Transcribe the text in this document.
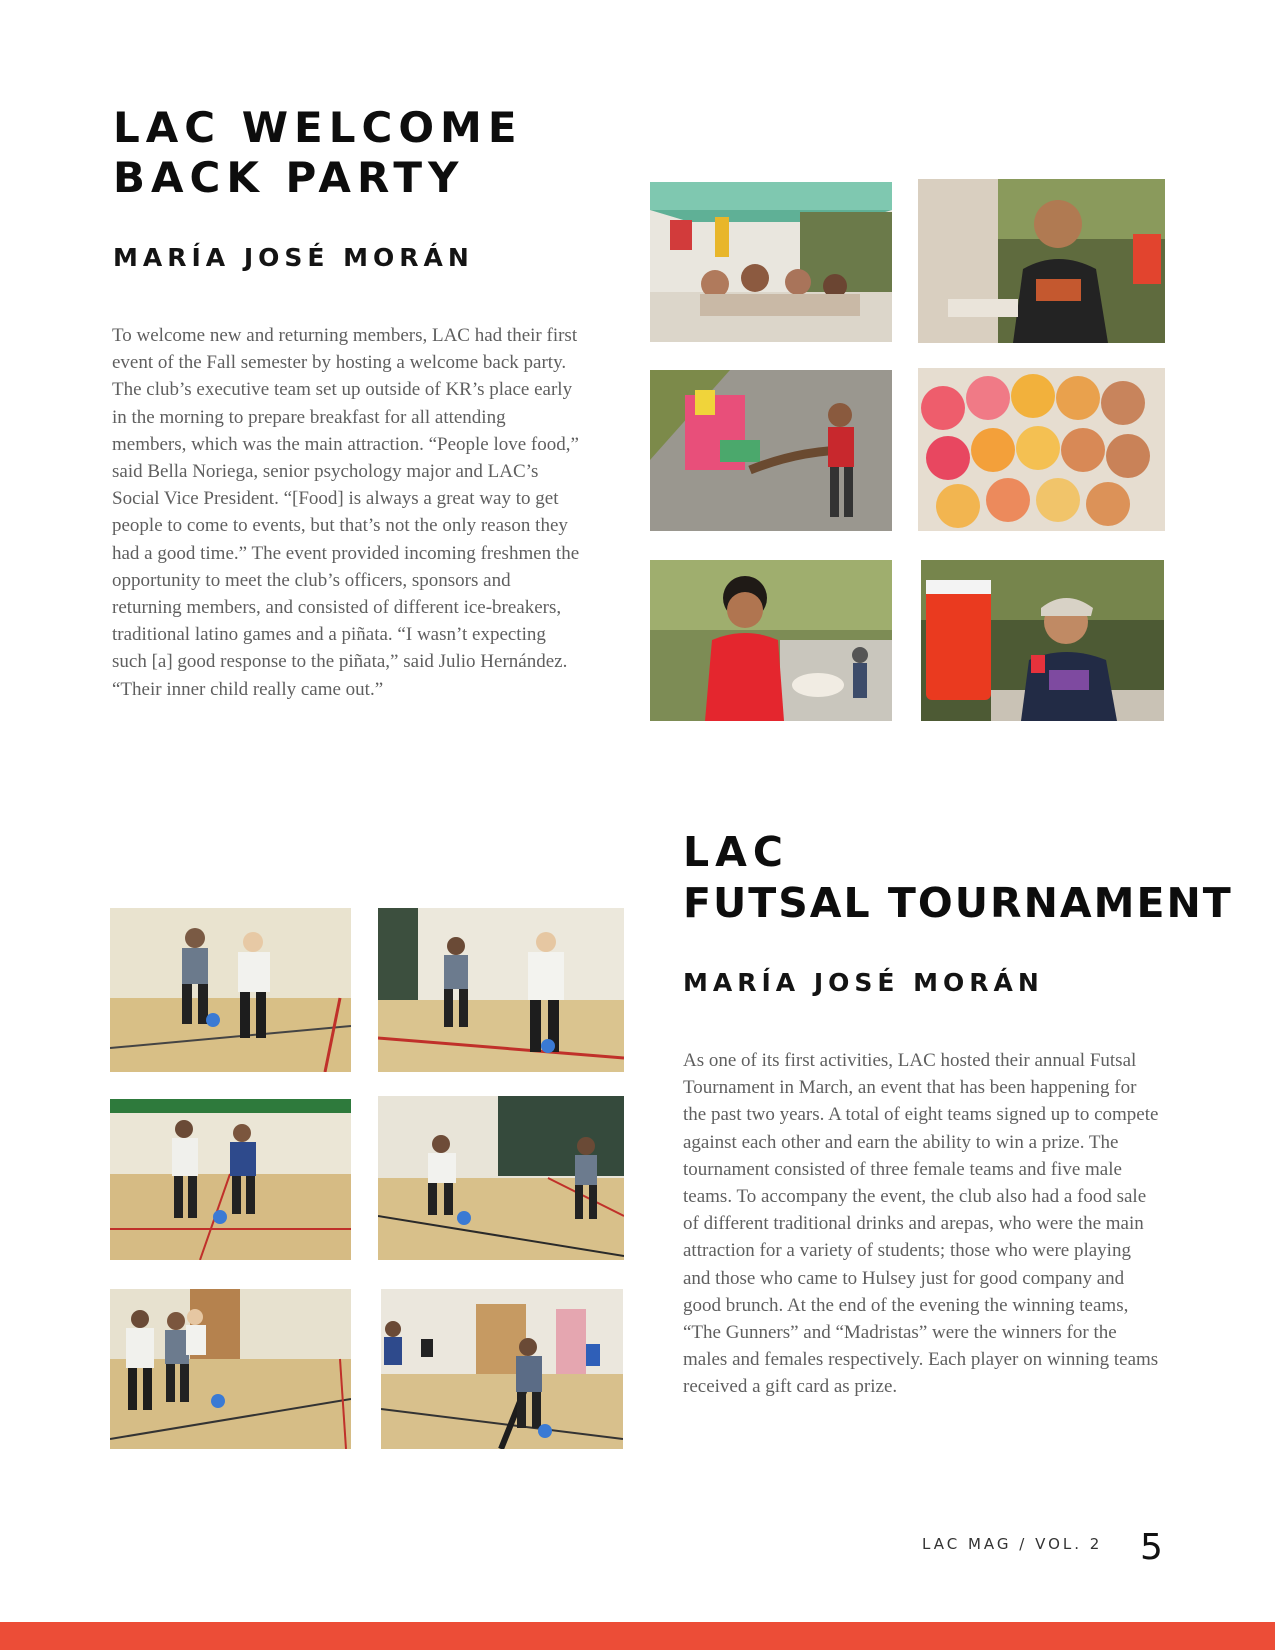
LAC WELCOME
BACK PARTY
MARÍA JOSÉ MORÁN

To welcome new and returning members, LAC had their first event of the Fall semester by hosting a welcome back party. The club’s executive team set up outside of KR’s place early in the morning to prepare breakfast for all attending members, which was the main attraction. “People love food,” said Bella Noriega, senior psychology major and LAC’s Social Vice President. “[Food] is always a great way to get people to come to events, but that’s not the only reason they had a good time.” The event provided incoming freshmen the opportunity to meet the club’s officers, sponsors and returning members, and consisted of different ice-breakers, traditional latino games and a piñata. “I wasn’t expecting such [a] good response to the piñata,” said Julio Hernández. “Their inner child really came out.”

LAC
FUTSAL TOURNAMENT
MARÍA JOSÉ MORÁN

As one of its first activities, LAC hosted their annual Futsal Tournament in March, an event that has been happening for the past two years. A total of eight teams signed up to compete against each other and earn the ability to win a prize. The tournament consisted of three female teams and five male teams. To accompany the event, the club also had a food sale of different traditional drinks and arepas, who were the main attraction for a variety of students; those who were playing and those who came to Hulsey just for good company and good brunch. At the end of the evening the winning teams, “The Gunners” and “Madristas” were the winners for the males and females respectively. Each player on winning teams received a gift card as prize.

LAC MAG / VOL. 2 5
